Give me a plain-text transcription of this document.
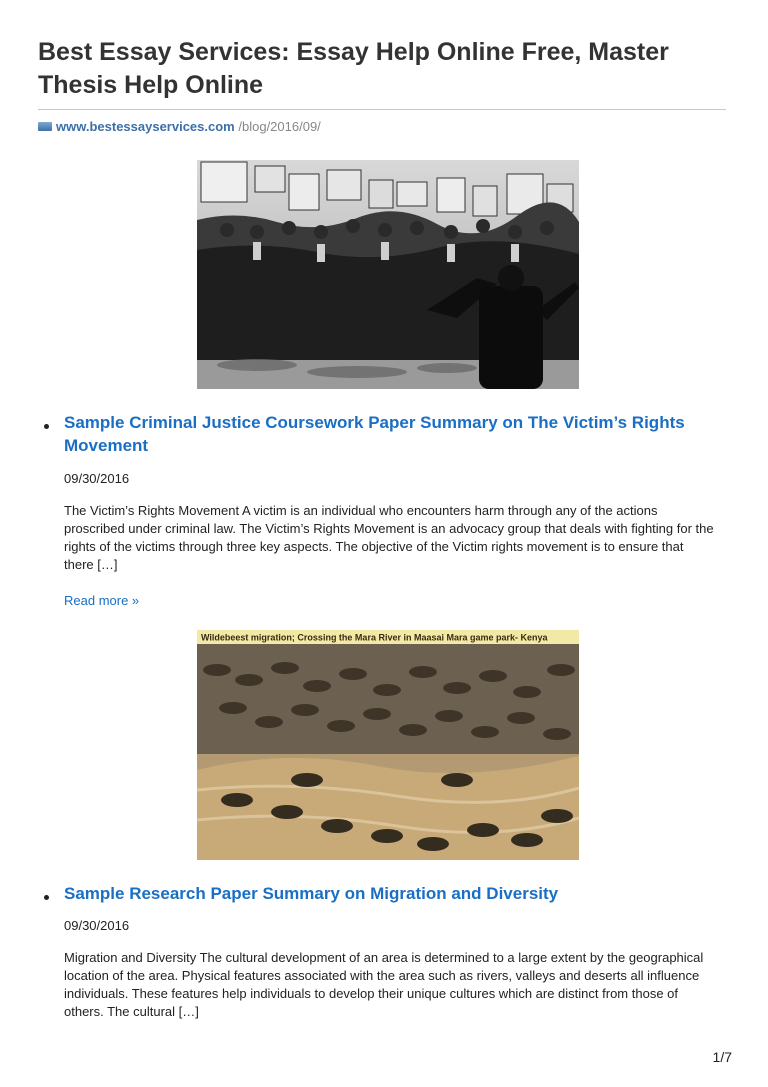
Best Essay Services: Essay Help Online Free, Master Thesis Help Online
www.bestessayservices.com /blog/2016/09/
Sample Criminal Justice Coursework Paper Summary on The Victim’s Rights Movement
09/30/2016
The Victim’s Rights Movement A victim is an individual who encounters harm through any of the actions proscribed under criminal law. The Victim’s Rights Movement is an advocacy group that deals with fighting for the rights of the victims through three key aspects. The objective of the Victim rights movement is to ensure that there […]
Read more »
Wildebeest migration; Crossing the Mara River in Maasai Mara game park- Kenya
Sample Research Paper Summary on Migration and Diversity
09/30/2016
Migration and Diversity The cultural development of an area is determined to a large extent by the geographical location of the area. Physical features associated with the area such as rivers, valleys and deserts all influence individuals. These features help individuals to develop their unique cultures which are distinct from those of others. The cultural […]
1/7
